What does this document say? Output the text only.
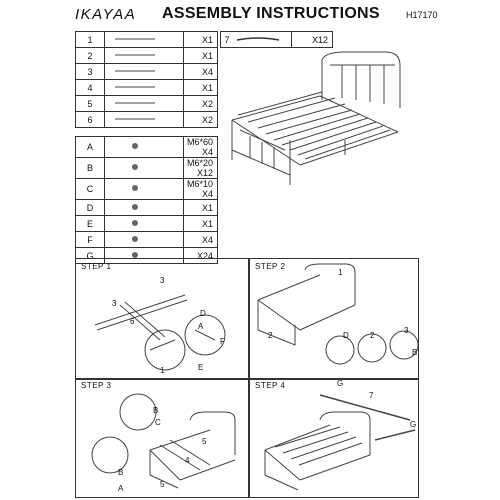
IKAYAA ASSEMBLY INSTRUCTIONS	H17170
1		X1
2		X1
3		X4
4		X1
5		X2
6		X2
7		X12
A		M6*60 X4
B		M6*20 X12
C		M6*10 X4
D		X1
E		X1
F		X4
G		X24
STEP 1	STEP 2
STEP 3	STEP 4
3
3
6
D
A
F
1	E
1
2
3
2
D
B
B
C
5
4
5
B
A
G
7
G
